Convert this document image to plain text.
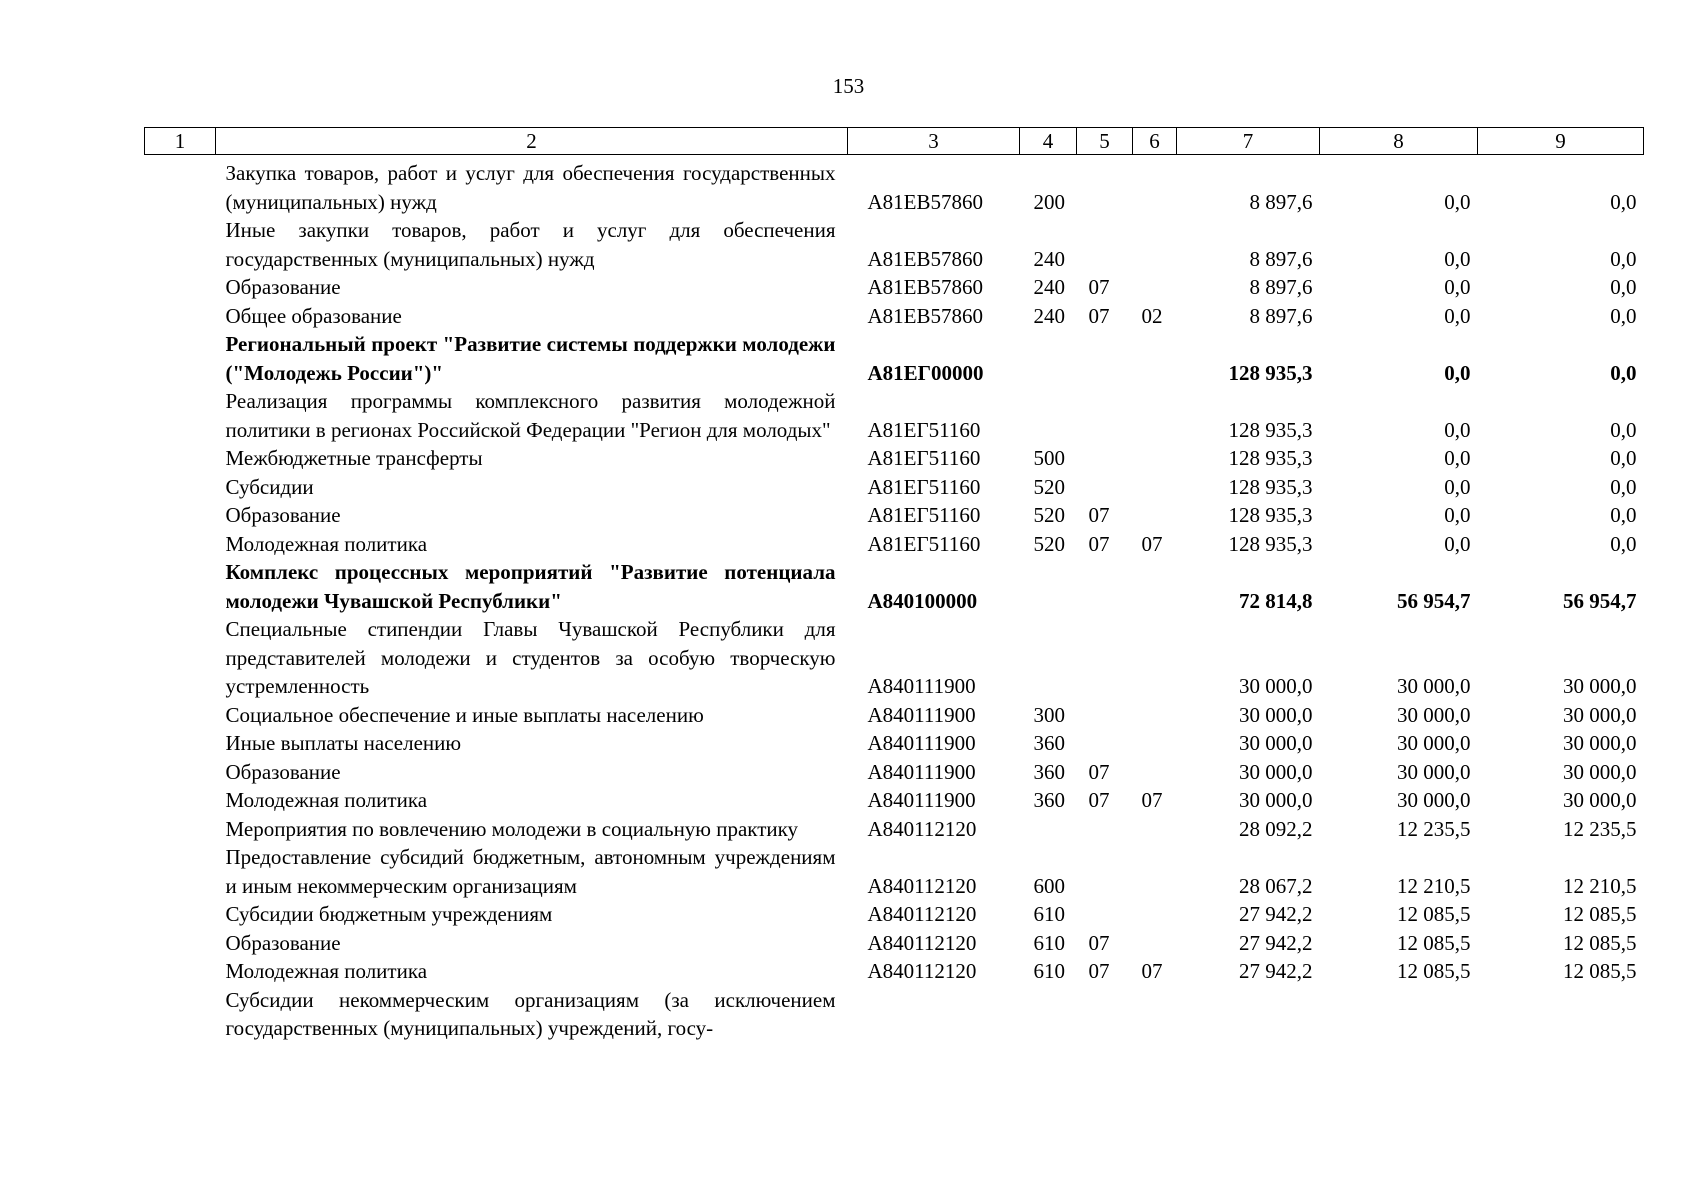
153
1	2	3	4	5	6	7	8	9
	Закупка товаров, работ и услуг для обеспечения государственных (муниципальных) нужд	А81ЕВ57860	200			8 897,6	0,0	0,0
	Иные закупки товаров, работ и услуг для обеспечения государственных (муниципальных) нужд	А81ЕВ57860	240			8 897,6	0,0	0,0
	Образование	А81ЕВ57860	240	07		8 897,6	0,0	0,0
	Общее образование	А81ЕВ57860	240	07	02	8 897,6	0,0	0,0
	Региональный проект "Развитие системы поддержки молодежи ("Молодежь России")"	А81ЕГ00000				128 935,3	0,0	0,0
	Реализация программы комплексного развития молодежной политики в регионах Российской Федерации "Регион для молодых"	А81ЕГ51160				128 935,3	0,0	0,0
	Межбюджетные трансферты	А81ЕГ51160	500			128 935,3	0,0	0,0
	Субсидии	А81ЕГ51160	520			128 935,3	0,0	0,0
	Образование	А81ЕГ51160	520	07		128 935,3	0,0	0,0
	Молодежная политика	А81ЕГ51160	520	07	07	128 935,3	0,0	0,0
	Комплекс процессных мероприятий "Развитие потенциала молодежи Чувашской Республики"	А840100000				72 814,8	56 954,7	56 954,7
	Специальные стипендии Главы Чувашской Республики для представителей молодежи и студентов за особую творческую устремленность	А840111900				30 000,0	30 000,0	30 000,0
	Социальное обеспечение и иные выплаты населению	А840111900	300			30 000,0	30 000,0	30 000,0
	Иные выплаты населению	А840111900	360			30 000,0	30 000,0	30 000,0
	Образование	А840111900	360	07		30 000,0	30 000,0	30 000,0
	Молодежная политика	А840111900	360	07	07	30 000,0	30 000,0	30 000,0
	Мероприятия по вовлечению молодежи в социальную практику	А840112120				28 092,2	12 235,5	12 235,5
	Предоставление субсидий бюджетным, автономным учреждениям и иным некоммерческим организациям	А840112120	600			28 067,2	12 210,5	12 210,5
	Субсидии бюджетным учреждениям	А840112120	610			27 942,2	12 085,5	12 085,5
	Образование	А840112120	610	07		27 942,2	12 085,5	12 085,5
	Молодежная политика	А840112120	610	07	07	27 942,2	12 085,5	12 085,5
	Субсидии некоммерческим организациям (за исключением государственных (муниципальных) учреждений, госу-							
